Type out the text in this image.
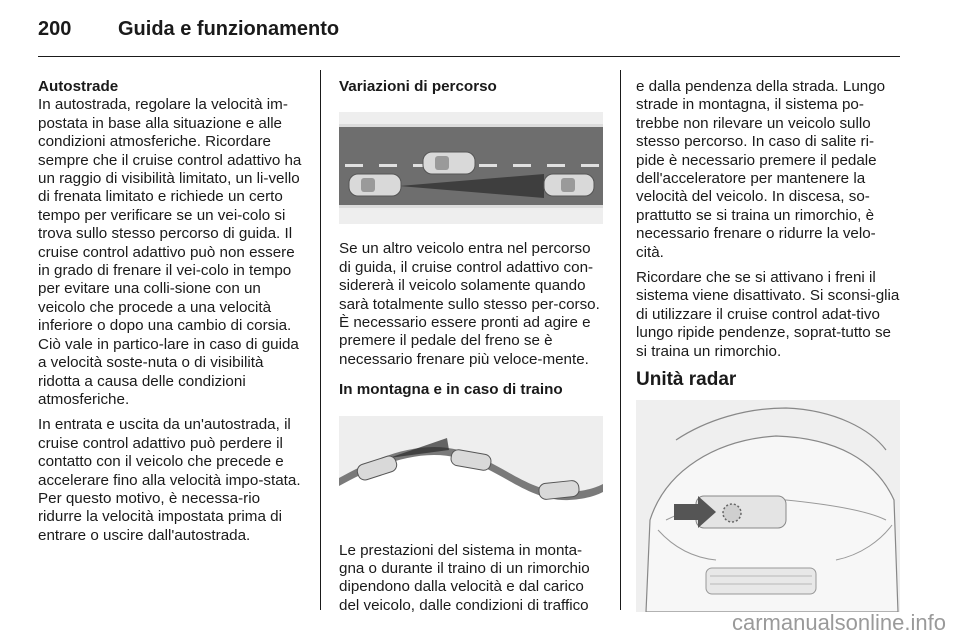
200 Guida e funzionamento
Autostrade

In autostrada, regolare la velocità im-postata in base alla situazione e alle condizioni atmosferiche. Ricordare sempre che il cruise control adattivo ha un raggio di visibilità limitato, un li-vello di frenata limitato e richiede un certo tempo per verificare se un vei-colo si trova sullo stesso percorso di guida. Il cruise control adattivo può non essere in grado di frenare il vei-colo in tempo per evitare una colli-sione con un veicolo che procede a una velocità inferiore o dopo una cambio di corsia. Ciò vale in partico-lare in caso di guida a velocità soste-nuta o di visibilità ridotta a causa delle condizioni atmosferiche.

In entrata e uscita da un'autostrada, il cruise control adattivo può perdere il contatto con il veicolo che precede e accelerare fino alla velocità impo-stata. Per questo motivo, è necessa-rio ridurre la velocità impostata prima di entrare o uscire dall'autostrada.

Variazioni di percorso

Se un altro veicolo entra nel percorso di guida, il cruise control adattivo con-sidererà il veicolo solamente quando sarà totalmente sullo stesso per-corso. È necessario essere pronti ad agire e premere il pedale del freno se è necessario frenare più veloce-mente.

In montagna e in caso di traino

Le prestazioni del sistema in monta-gna o durante il traino di un rimorchio dipendono dalla velocità e dal carico del veicolo, dalle condizioni di traffico

e dalla pendenza della strada. Lungo strade in montagna, il sistema po-trebbe non rilevare un veicolo sullo stesso percorso. In caso di salite ri-pide è necessario premere il pedale dell'acceleratore per mantenere la velocità del veicolo. In discesa, so-prattutto se si traina un rimorchio, è necessario frenare o ridurre la velo-cità.

Ricordare che se si attivano i freni il sistema viene disattivato. Si sconsi-glia di utilizzare il cruise control adat-tivo lungo ripide pendenze, soprat-tutto se si traina un rimorchio.

Unità radar
carmanualsonline.info
